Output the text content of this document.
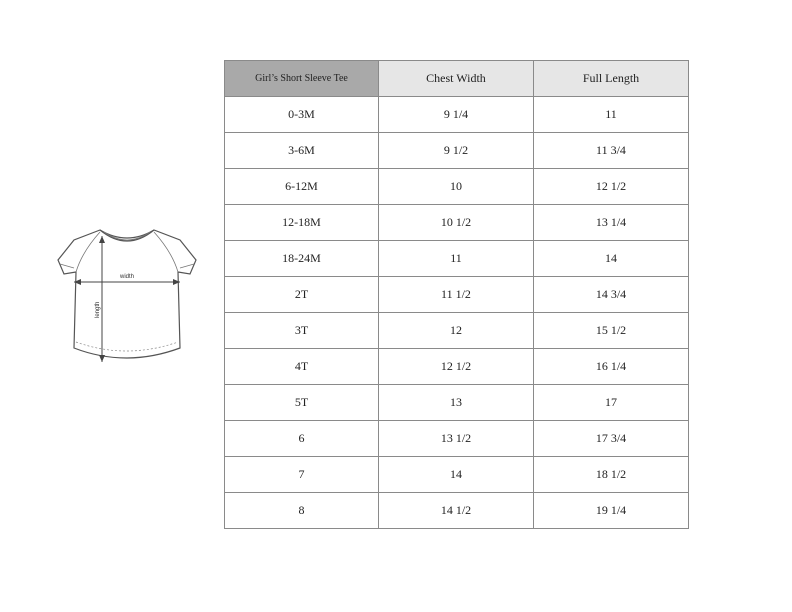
width
length
Girl’s Short Sleeve Tee	Chest Width	Full Length
0-3M	9 1/4	11
3-6M	9 1/2	11 3/4
6-12M	10	12 1/2
12-18M	10 1/2	13 1/4
18-24M	11	14
2T	11 1/2	14 3/4
3T	12	15 1/2
4T	12 1/2	16 1/4
5T	13	17
6	13 1/2	17 3/4
7	14	18 1/2
8	14 1/2	19 1/4
